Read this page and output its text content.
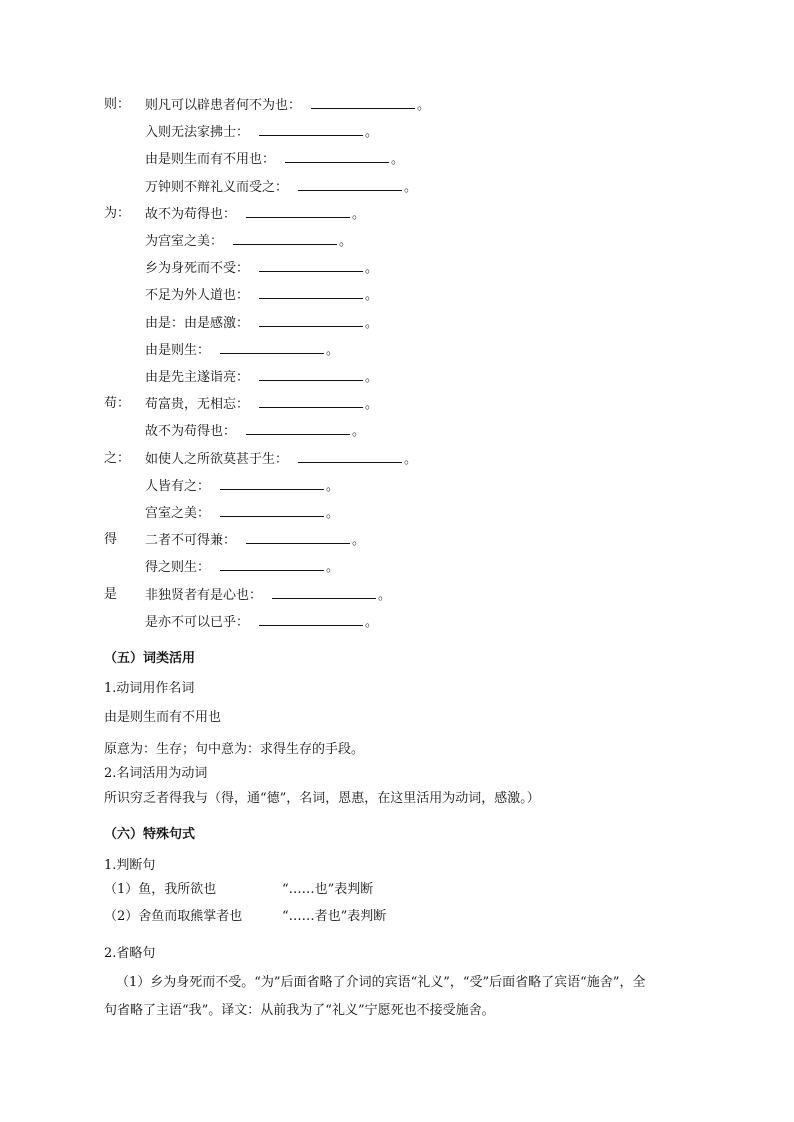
则： 则凡可以辟患者何不为也：	。
入则无法家拂士：	。
由是则生而有不用也：	。
万钟则不辩礼义而受之：	。
为： 故不为苟得也：	。
为宫室之美：	。
乡为身死而不受：	。
不足为外人道也：	。
由是：由是感激：	。
由是则生：	。
由是先主遂诣亮：	。
苟： 苟富贵，无相忘：	。
故不为苟得也：	。
之： 如使人之所欲莫甚于生：	。
人皆有之：	。
宫室之美：	。
得 二者不可得兼：	。
得之则生：	。
是 非独贤者有是心也：	。
是亦不可以已乎：	。
（五）词类活用
1.动词用作名词
由是则生而有不用也
原意为：生存；句中意为：求得生存的手段。
2.名词活用为动词
所识穷乏者得我与（得，通“德”，名词，恩惠，在这里活用为动词，感激。）
（六）特殊句式
1.判断句
（1）鱼，我所欲也	“……也”表判断
（2）舍鱼而取熊掌者也	“……者也”表判断
2.省略句
（1）乡为身死而不受。“为”后面省略了介词的宾语“礼义”，“受”后面省略了宾语“施舍”，全
句省略了主语“我”。译文：从前我为了“礼义”宁愿死也不接受施舍。
